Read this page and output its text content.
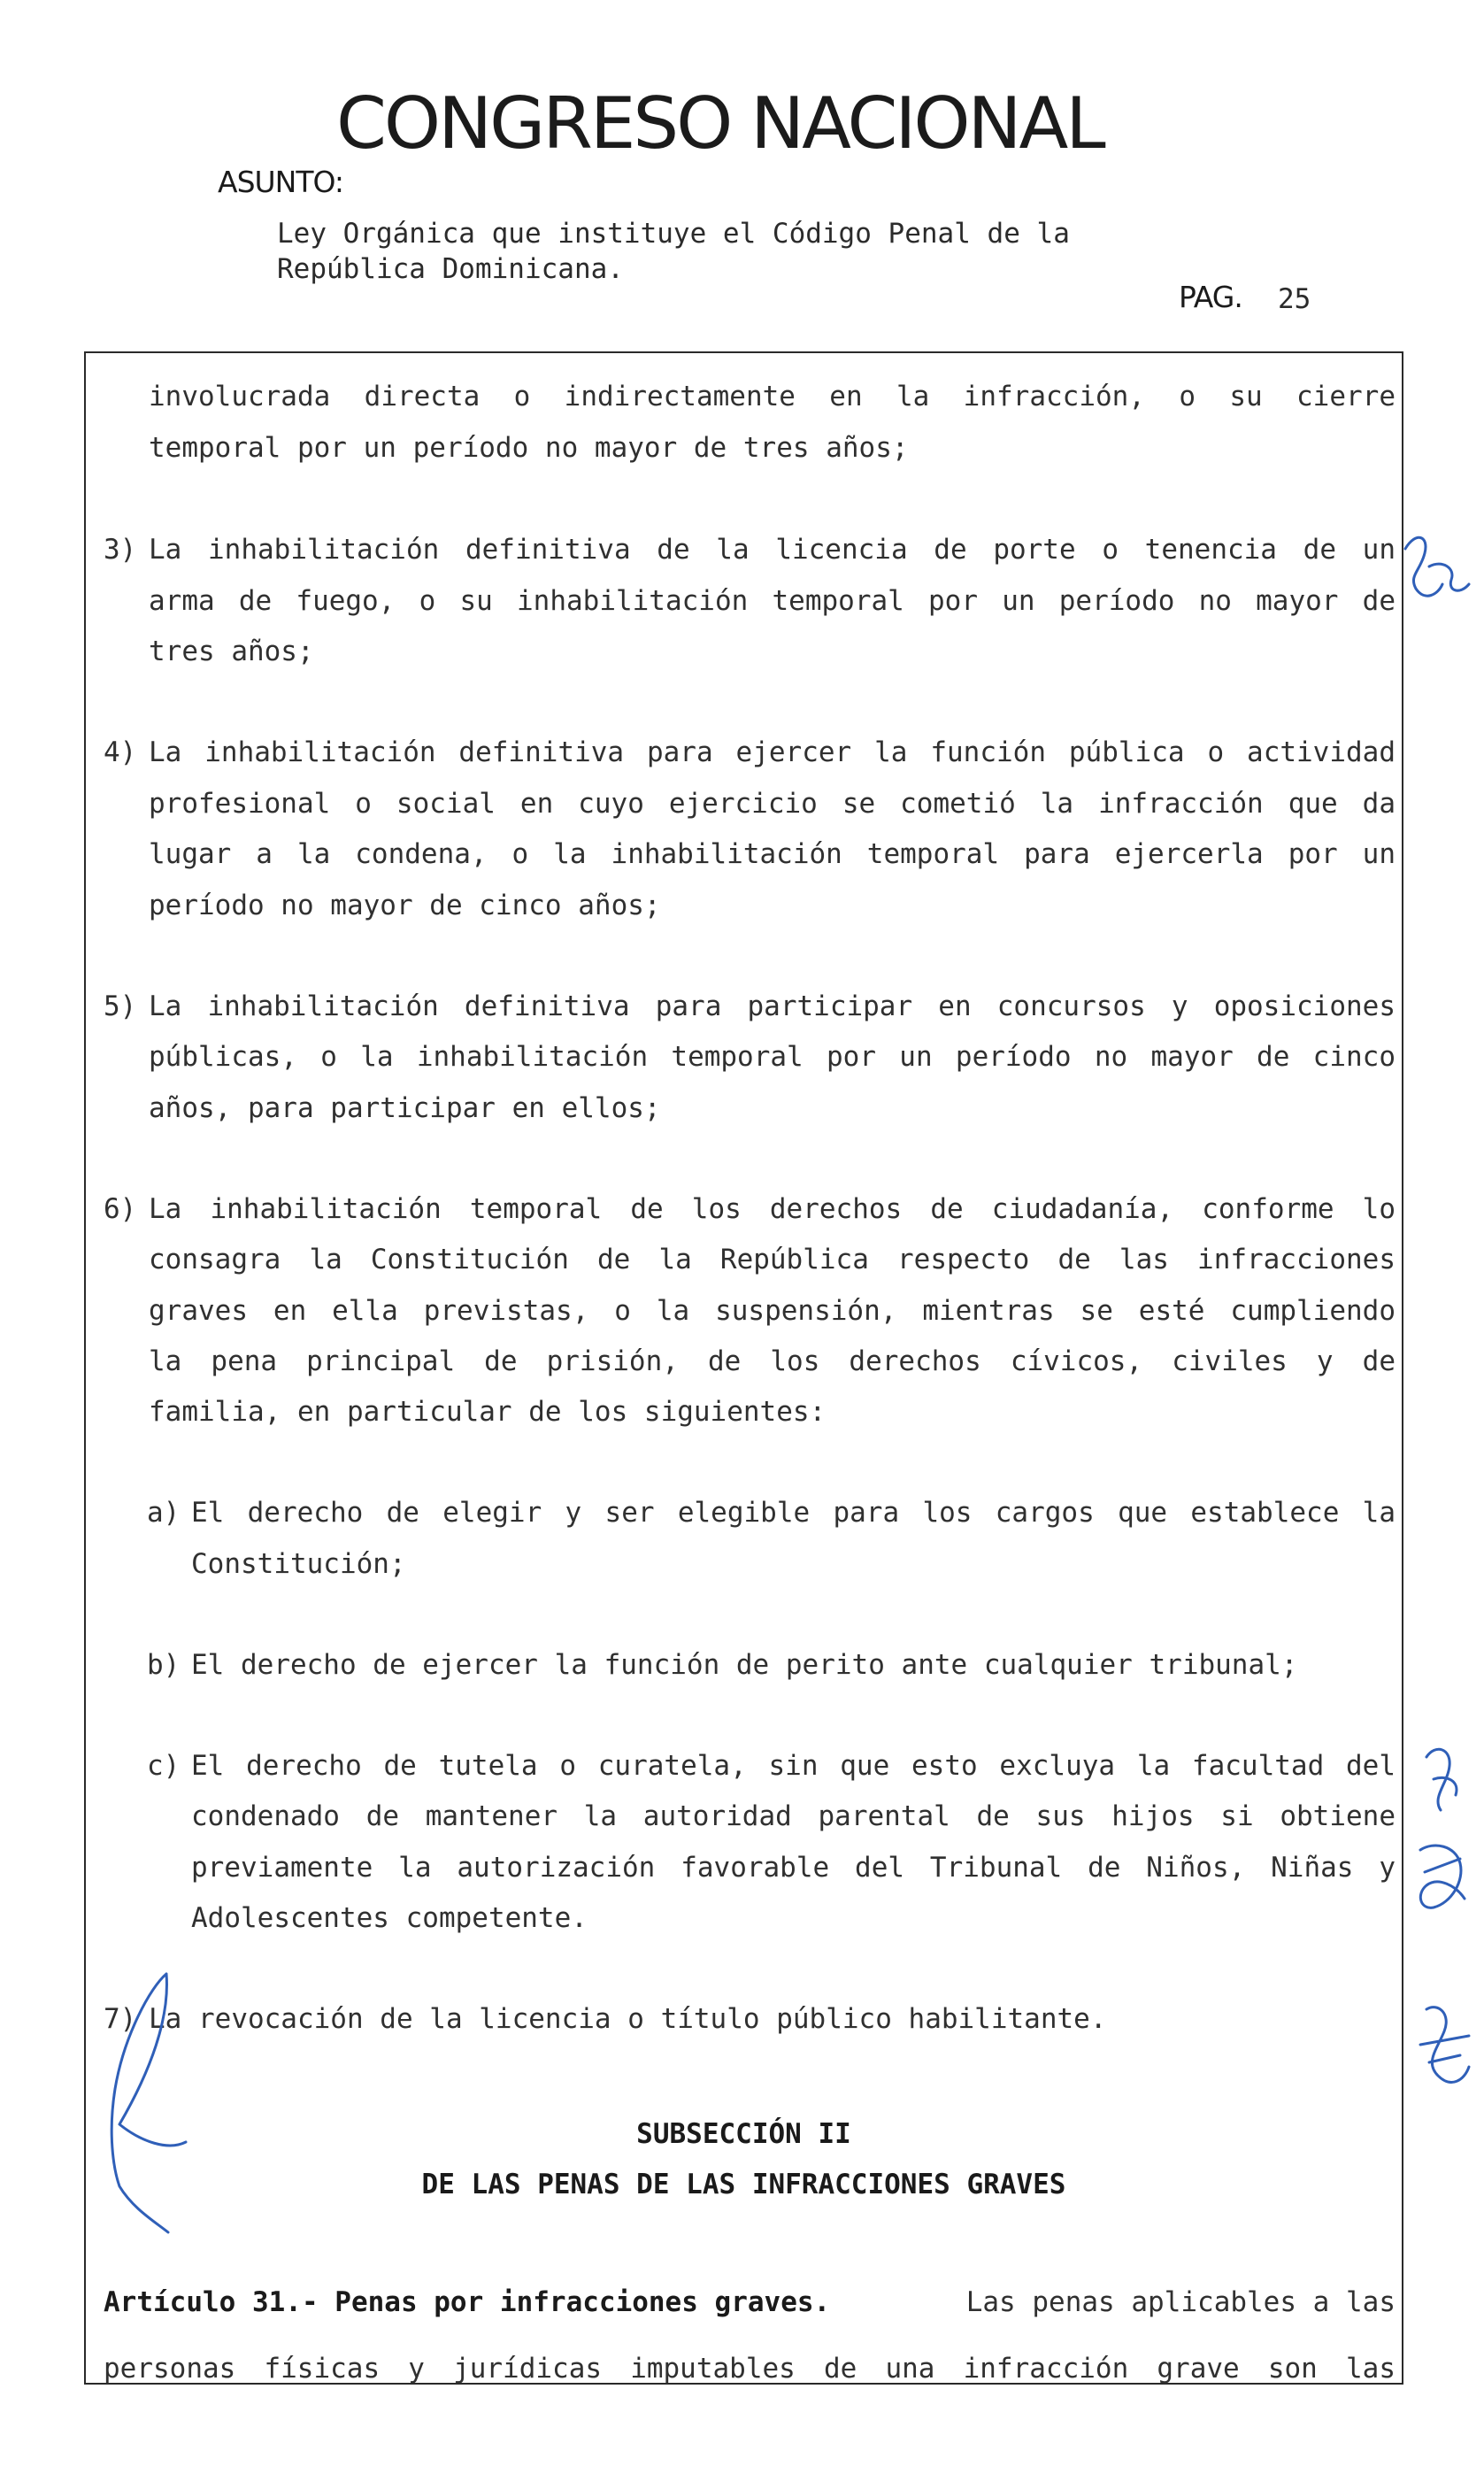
CONGRESO NACIONAL
ASUNTO:
Ley Orgánica que instituye el Código Penal de la
República Dominicana.
PAG. 25
involucrada directa o indirectamente en la infracción, o su cierre
temporal por un período no mayor de tres años;
3) La inhabilitación definitiva de la licencia de porte o tenencia de un
arma de fuego, o su inhabilitación temporal por un período no mayor de
tres años;
4) La inhabilitación definitiva para ejercer la función pública o actividad
profesional o social en cuyo ejercicio se cometió la infracción que da
lugar a la condena, o la inhabilitación temporal para ejercerla por un
período no mayor de cinco años;
5) La inhabilitación definitiva para participar en concursos y oposiciones
públicas, o la inhabilitación temporal por un período no mayor de cinco
años, para participar en ellos;
6) La inhabilitación temporal de los derechos de ciudadanía, conforme lo
consagra la Constitución de la República respecto de las infracciones
graves en ella previstas, o la suspensión, mientras se esté cumpliendo
la pena principal de prisión, de los derechos cívicos, civiles y de
familia, en particular de los siguientes:
a) El derecho de elegir y ser elegible para los cargos que establece la
Constitución;
b) El derecho de ejercer la función de perito ante cualquier tribunal;
c) El derecho de tutela o curatela, sin que esto excluya la facultad del
condenado de mantener la autoridad parental de sus hijos si obtiene
previamente la autorización favorable del Tribunal de Niños, Niñas y
Adolescentes competente.
7) La revocación de la licencia o título público habilitante.
SUBSECCIÓN II
DE LAS PENAS DE LAS INFRACCIONES GRAVES
Artículo 31.- Penas por infracciones graves.	Las penas aplicables a las
personas físicas y jurídicas imputables de una infracción grave son las
